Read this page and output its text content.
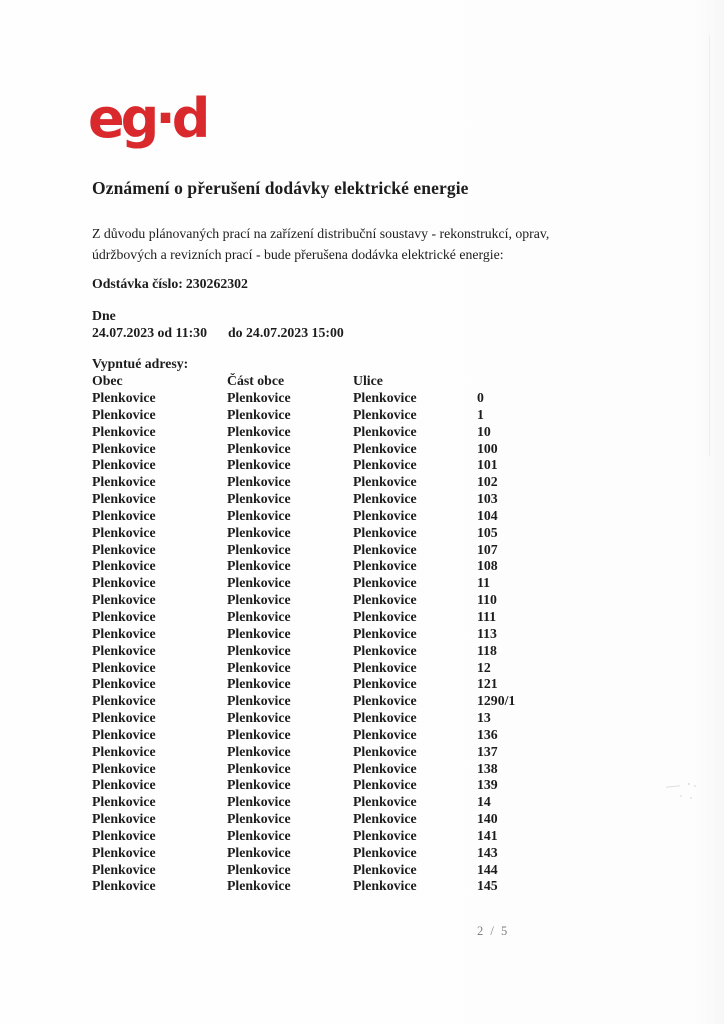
eg·d
Oznámení o přerušení dodávky elektrické energie
Z důvodu plánovaných prací na zařízení distribuční soustavy - rekonstrukcí, oprav,
údržbových a revizních prací - bude přerušena dodávka elektrické energie:
Odstávka číslo: 230262302
Dne
24.07.2023 od 11:30	do 24.07.2023 15:00
Vypntué adresy:
Obec	Část obce	Ulice
Plenkovice	Plenkovice	Plenkovice	0
Plenkovice	Plenkovice	Plenkovice	1
Plenkovice	Plenkovice	Plenkovice	10
Plenkovice	Plenkovice	Plenkovice	100
Plenkovice	Plenkovice	Plenkovice	101
Plenkovice	Plenkovice	Plenkovice	102
Plenkovice	Plenkovice	Plenkovice	103
Plenkovice	Plenkovice	Plenkovice	104
Plenkovice	Plenkovice	Plenkovice	105
Plenkovice	Plenkovice	Plenkovice	107
Plenkovice	Plenkovice	Plenkovice	108
Plenkovice	Plenkovice	Plenkovice	11
Plenkovice	Plenkovice	Plenkovice	110
Plenkovice	Plenkovice	Plenkovice	111
Plenkovice	Plenkovice	Plenkovice	113
Plenkovice	Plenkovice	Plenkovice	118
Plenkovice	Plenkovice	Plenkovice	12
Plenkovice	Plenkovice	Plenkovice	121
Plenkovice	Plenkovice	Plenkovice	1290/1
Plenkovice	Plenkovice	Plenkovice	13
Plenkovice	Plenkovice	Plenkovice	136
Plenkovice	Plenkovice	Plenkovice	137
Plenkovice	Plenkovice	Plenkovice	138
Plenkovice	Plenkovice	Plenkovice	139
Plenkovice	Plenkovice	Plenkovice	14
Plenkovice	Plenkovice	Plenkovice	140
Plenkovice	Plenkovice	Plenkovice	141
Plenkovice	Plenkovice	Plenkovice	143
Plenkovice	Plenkovice	Plenkovice	144
Plenkovice	Plenkovice	Plenkovice	145
2 / 5
